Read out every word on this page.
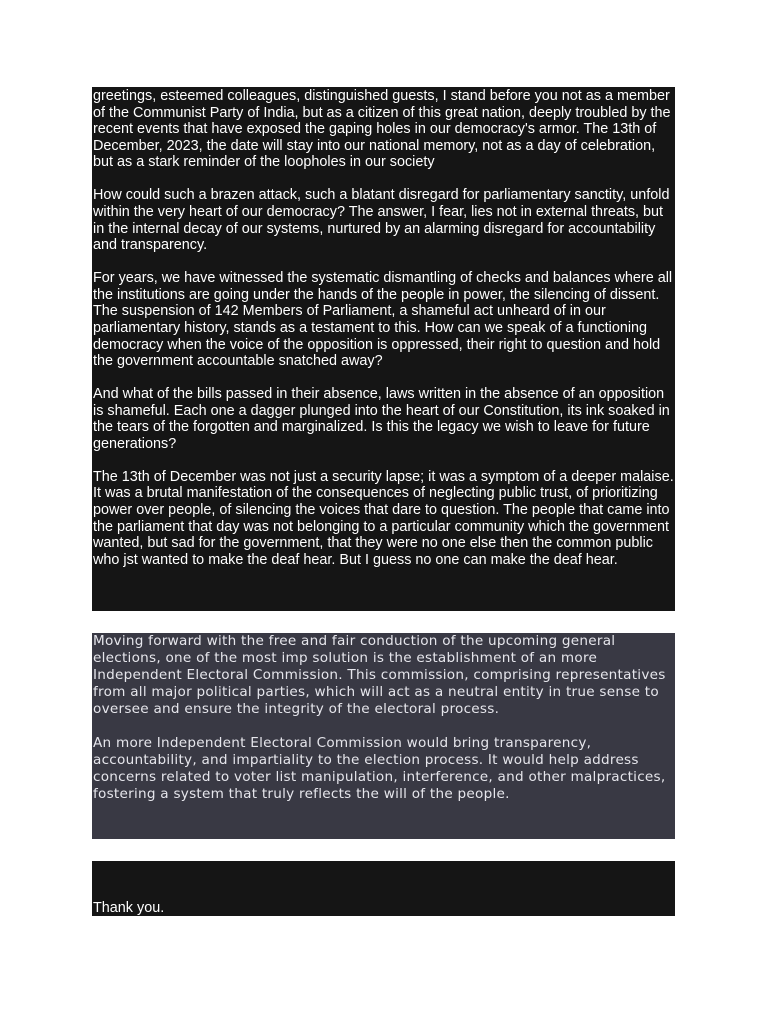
greetings, esteemed colleagues, distinguished guests, I stand before you not as a member of the Communist Party of India, but as a citizen of this great nation, deeply troubled by the recent events that have exposed the gaping holes in our democracy's armor. The 13th of December, 2023, the date will stay into our national memory, not as a day of celebration, but as a stark reminder of the loopholes in our society

How could such a brazen attack, such a blatant disregard for parliamentary sanctity, unfold within the very heart of our democracy? The answer, I fear, lies not in external threats, but in the internal decay of our systems, nurtured by an alarming disregard for accountability and transparency.

For years, we have witnessed the systematic dismantling of checks and balances where all the institutions are going under the hands of the people in power, the silencing of dissent. The suspension of 142 Members of Parliament, a shameful act unheard of in our parliamentary history, stands as a testament to this. How can we speak of a functioning democracy when the voice of the opposition is oppressed, their right to question and hold the government accountable snatched away?

And what of the bills passed in their absence, laws written in the absence of an opposition is shameful. Each one a dagger plunged into the heart of our Constitution, its ink soaked in the tears of the forgotten and marginalized. Is this the legacy we wish to leave for future generations?

The 13th of December was not just a security lapse; it was a symptom of a deeper malaise. It was a brutal manifestation of the consequences of neglecting public trust, of prioritizing power over people, of silencing the voices that dare to question. The people that came into the parliament that day was not belonging to a particular community which the government wanted, but sad for the government, that they were no one else then the common public who jst wanted to make the deaf hear. But I guess no one can make the deaf hear.

Moving forward with the free and fair conduction of the upcoming general elections, one of the most imp solution is the establishment of an more Independent Electoral Commission. This commission, comprising representatives from all major political parties, which will act as a neutral entity in true sense to oversee and ensure the integrity of the electoral process.

An more Independent Electoral Commission would bring transparency, accountability, and impartiality to the election process. It would help address concerns related to voter list manipulation, interference, and other malpractices, fostering a system that truly reflects the will of the people.

Thank you.
